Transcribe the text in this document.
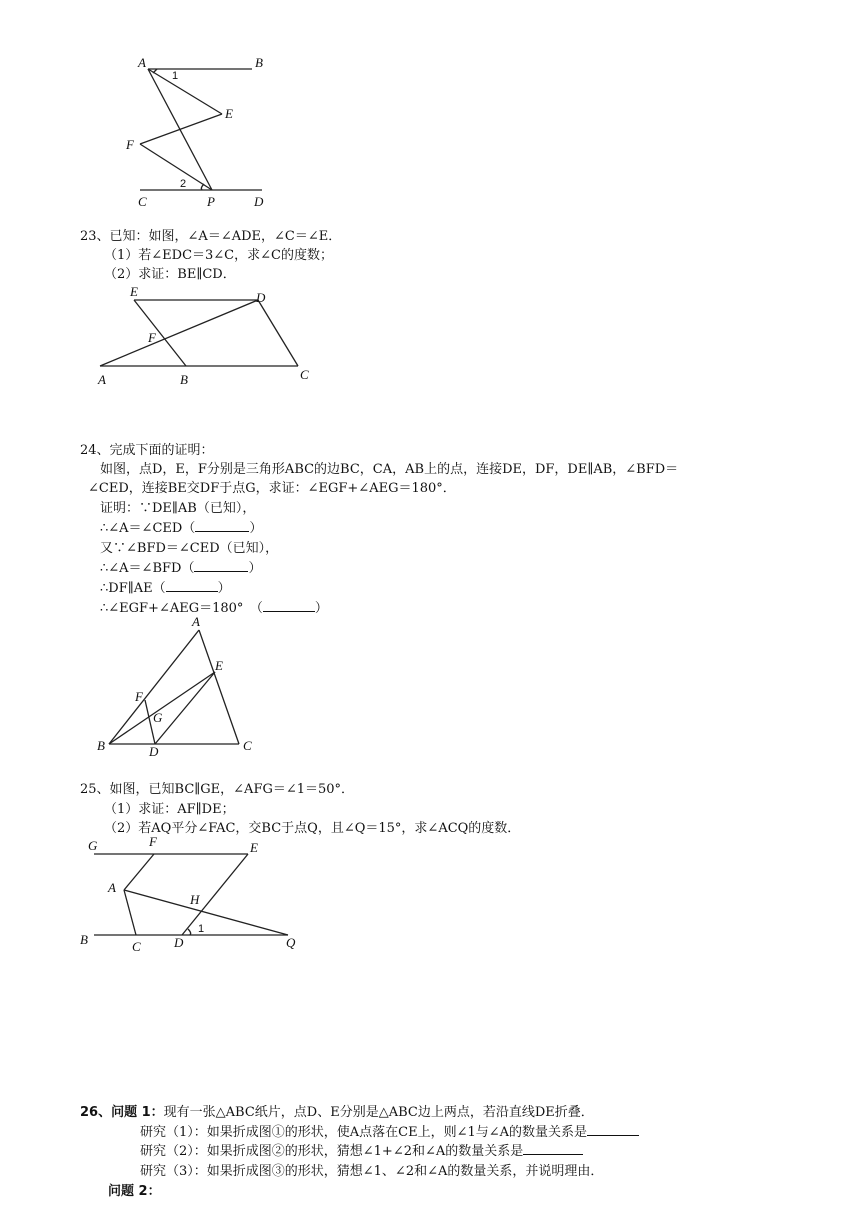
A	B
1
E
F
2
C	P	D
23、已知：如图，∠A＝∠ADE，∠C＝∠E．
（1）若∠EDC＝3∠C，求∠C的度数；
（2）求证：BE∥CD．
E	D
F
A	B	C
24、完成下面的证明：
如图，点D，E，F分别是三角形ABC的边BC，CA，AB上的点，连接DE，DF，DE∥AB，∠BFD＝
∠CED，连接BE交DF于点G，求证：∠EGF+∠AEG＝180°．
证明：∵DE∥AB（已知），
∴∠A＝∠CED（	）
又∵∠BFD＝∠CED（已知），
∴∠A＝∠BFD（	）
∴DF∥AE（	）
∴∠EGF+∠AEG＝180°　（	）
A
E
F
G
B	D	C
25、如图，已知BC∥GE，∠AFG＝∠1＝50°．
（1）求证：AF∥DE；
（2）若AQ平分∠FAC，交BC于点Q，且∠Q＝15°，求∠ACQ的度数．
G	F	E
A
H
1
B	C	D	Q
26、问题 1：现有一张△ABC纸片，点D、E分别是△ABC边上两点，若沿直线DE折叠．
研究（1）：如果折成图①的形状，使A点落在CE上，则∠1与∠A的数量关系是
研究（2）：如果折成图②的形状，猜想∠1+∠2和∠A的数量关系是
研究（3）：如果折成图③的形状，猜想∠1、∠2和∠A的数量关系，并说明理由．
问题 2：
